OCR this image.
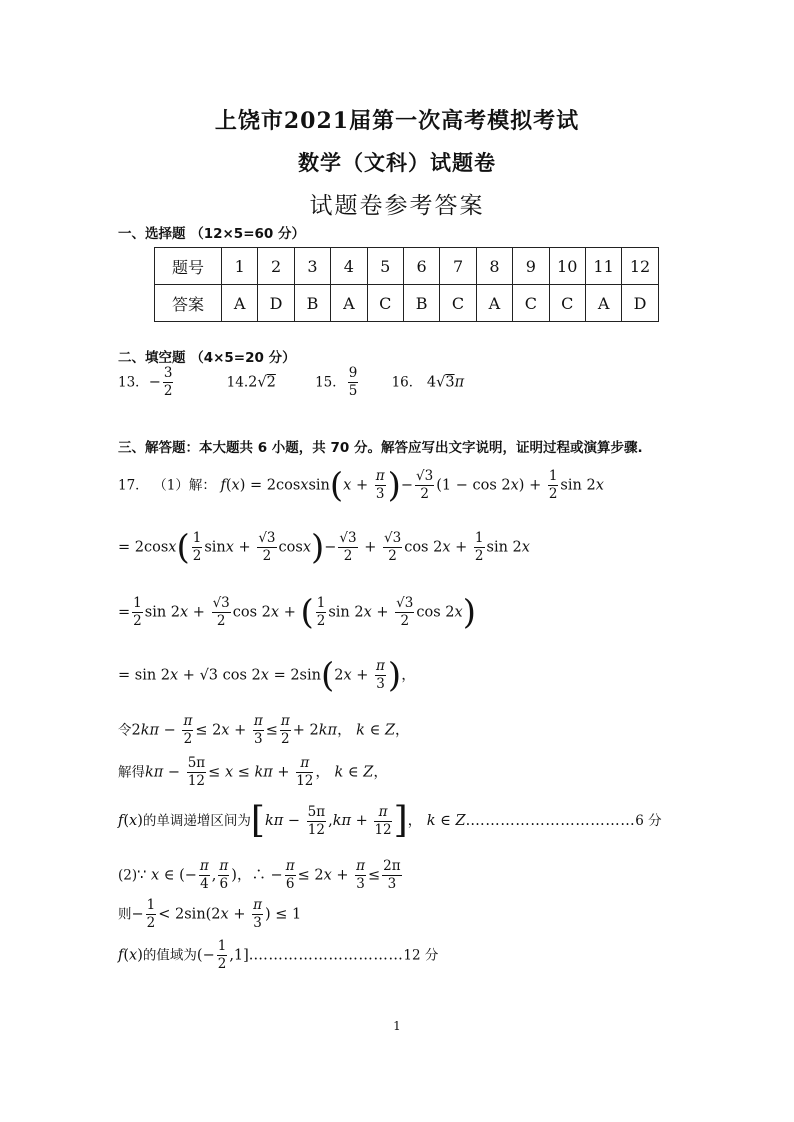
上饶市2021届第一次高考模拟考试
数学（文科）试题卷
试题卷参考答案
一、选择题 （12×5=60 分）
题号	1	2	3	4	5	6	7	8	9	10	11	12
答案	A	D	B	A	C	B	C	A	C	C	A	D
二、填空题 （4×5=20 分）
13．− $\frac{3}{2}$	14.2√2	15． $\frac{9}{5} 16$． 4√3π
三、解答题：本大题共 6 小题，共 70 分。解答应写出文字说明，证明过程或演算步骤.
17． （1）解： f(x) = 2cosxsin(x + $\frac{\pi}{3}$ )− $\frac{√3}{2} (1 - \cos 2x) + \frac{1}{2}$ sin 2x
= $2\cos x( \frac{1}{2}$ $\sin x + \frac{√3}{2} \cos x)- \frac{√3}{2} + \frac{√3}{2}$ $\cos 2x + \frac{1}{2}$ sin 2x
= $\frac{1}{2}$ $\sin 2x + \frac{√3}{2}$ cos 2x + ( $\frac{1}{2}$ $\sin 2x + \frac{√3}{2}$ cos 2x)
= sin 2x + √3 $\cos 2x = 2\sin(2x + \frac{\pi}{3}$ )，
令$2k\pi - \frac{\pi}{2} \le 2x + \frac{\pi}{3} \le \frac{\pi}{2} + 2k\pi$， k ∈ Z，
解得$k\pi - \frac{5\pi}{12} \le x \le k\pi + \frac{\pi}{12}$ ， k ∈ Z，
f(x)的单调递增区间为[$k\pi - \frac{5\pi}{12} ,k\pi + \frac{\pi}{12}$ ]， k ∈ Z.……………………………6 分
(2)∵ x ∈ (− $\frac{\pi}{4}$ , $\frac{\pi}{6}$ )，∴ − $\frac{\pi}{6} \le 2x + \frac{\pi}{3} \le \frac{2\pi}{3}$
则− $\frac{1}{2} < 2\sin(2x + \frac{\pi}{3}$ ) ≤ 1
f(x)的值域为(− $\frac{1}{2}$ ,1].…………………………12 分
1
